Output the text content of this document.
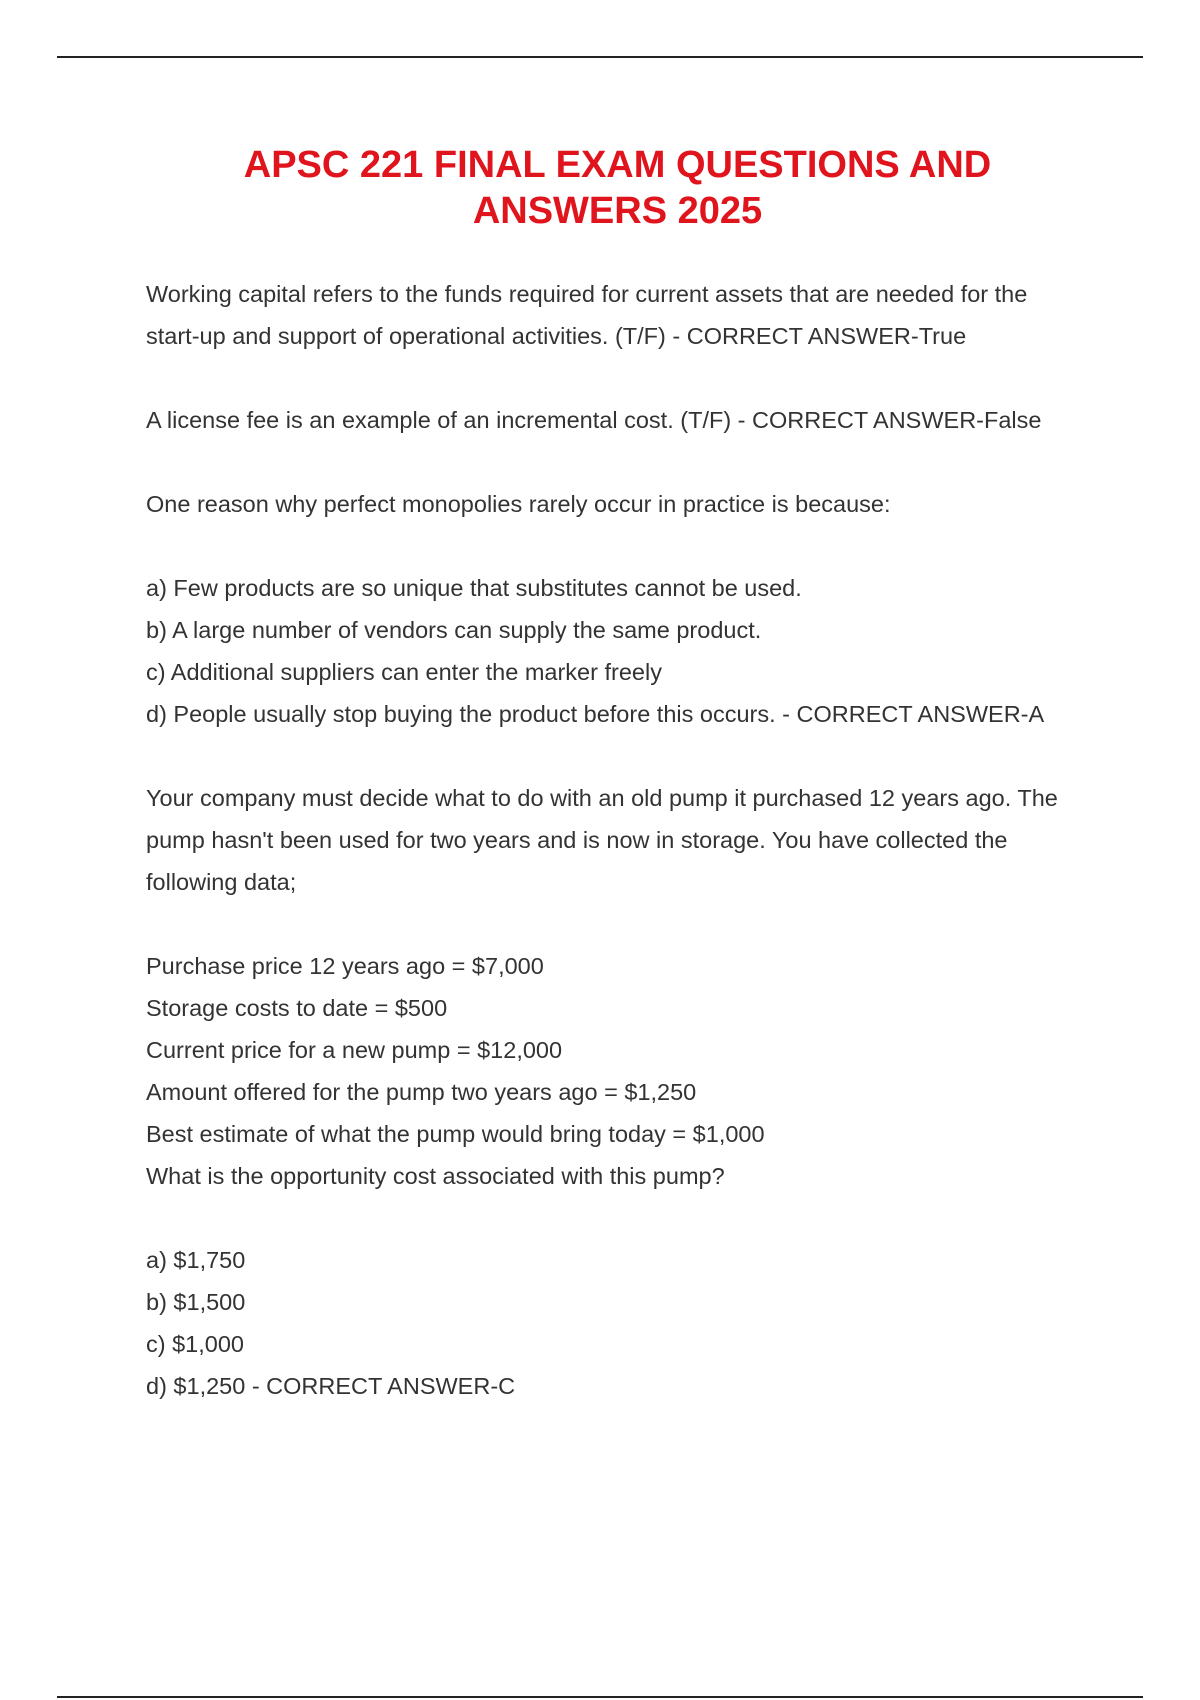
APSC 221 FINAL EXAM QUESTIONS AND ANSWERS 2025

Working capital refers to the funds required for current assets that are needed for the

start-up and support of operational activities. (T/F) - CORRECT ANSWER-True

A license fee is an example of an incremental cost. (T/F) - CORRECT ANSWER-False

One reason why perfect monopolies rarely occur in practice is because:

a) Few products are so unique that substitutes cannot be used.

b) A large number of vendors can supply the same product.

c) Additional suppliers can enter the marker freely

d) People usually stop buying the product before this occurs. - CORRECT ANSWER-A

Your company must decide what to do with an old pump it purchased 12 years ago. The

pump hasn't been used for two years and is now in storage. You have collected the

following data;

Purchase price 12 years ago = $7,000

Storage costs to date = $500

Current price for a new pump = $12,000

Amount offered for the pump two years ago = $1,250

Best estimate of what the pump would bring today = $1,000

What is the opportunity cost associated with this pump?

a) $1,750

b) $1,500

c) $1,000

d) $1,250 - CORRECT ANSWER-C
